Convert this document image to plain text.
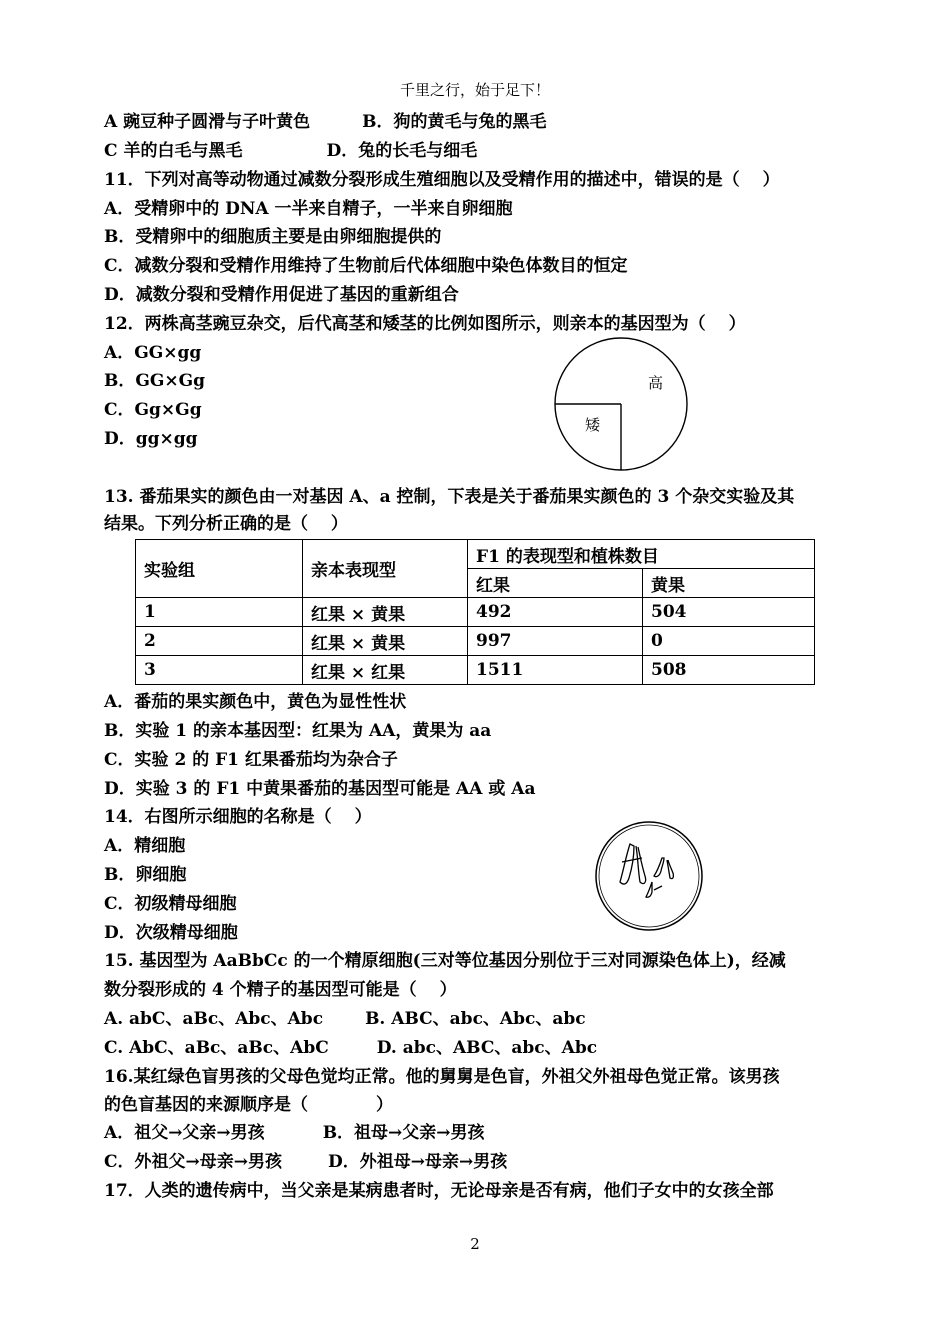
千里之行，始于足下！
A 豌豆种子圆滑与子叶黄色	B．狗的黄毛与兔的黑毛
C 羊的白毛与黑毛	D．兔的长毛与细毛
11．下列对高等动物通过减数分裂形成生殖细胞以及受精作用的描述中，错误的是（　 ）
A．受精卵中的 DNA 一半来自精子，一半来自卵细胞
B．受精卵中的细胞质主要是由卵细胞提供的
C．减数分裂和受精作用维持了生物前后代体细胞中染色体数目的恒定
D．减数分裂和受精作用促进了基因的重新组合
12．两株高茎豌豆杂交，后代高茎和矮茎的比例如图所示，则亲本的基因型为（　 ）
A．GG×gg
B．GG×Gg
C．Gg×Gg
D．gg×gg
高
矮
13. 番茄果实的颜色由一对基因 A、a 控制，下表是关于番茄果实颜色的 3 个杂交实验及其
结果。下列分析正确的是（　 ）
实验组	亲本表现型	F1 的表现型和植株数目	
		红果	黄果
1	红果 × 黄果	492	504
2	红果 × 黄果	997	0
3	红果 × 红果	1511	508
A．番茄的果实颜色中，黄色为显性性状
B．实验 1 的亲本基因型：红果为 AA，黄果为 aa
C．实验 2 的 F1 红果番茄均为杂合子
D．实验 3 的 F1 中黄果番茄的基因型可能是 AA 或 Aa
14．右图所示细胞的名称是（　 ）
A．精细胞
B．卵细胞
C．初级精母细胞
D．次级精母细胞
15. 基因型为 AaBbCc 的一个精原细胞(三对等位基因分别位于三对同源染色体上)，经减
数分裂形成的 4 个精子的基因型可能是（　 ）
A. abC、aBc、Abc、Abc B. ABC、abc、Abc、abc
C. AbC、aBc、aBc、AbC	D. abc、ABC、abc、Abc
16.某红绿色盲男孩的父母色觉均正常。他的舅舅是色盲，外祖父外祖母色觉正常。该男孩
的色盲基因的来源顺序是（　　　　）
A．祖父→父亲→男孩	B．祖母→父亲→男孩
C．外祖父→母亲→男孩	D．外祖母→母亲→男孩
17．人类的遗传病中，当父亲是某病患者时，无论母亲是否有病，他们子女中的女孩全部
2
